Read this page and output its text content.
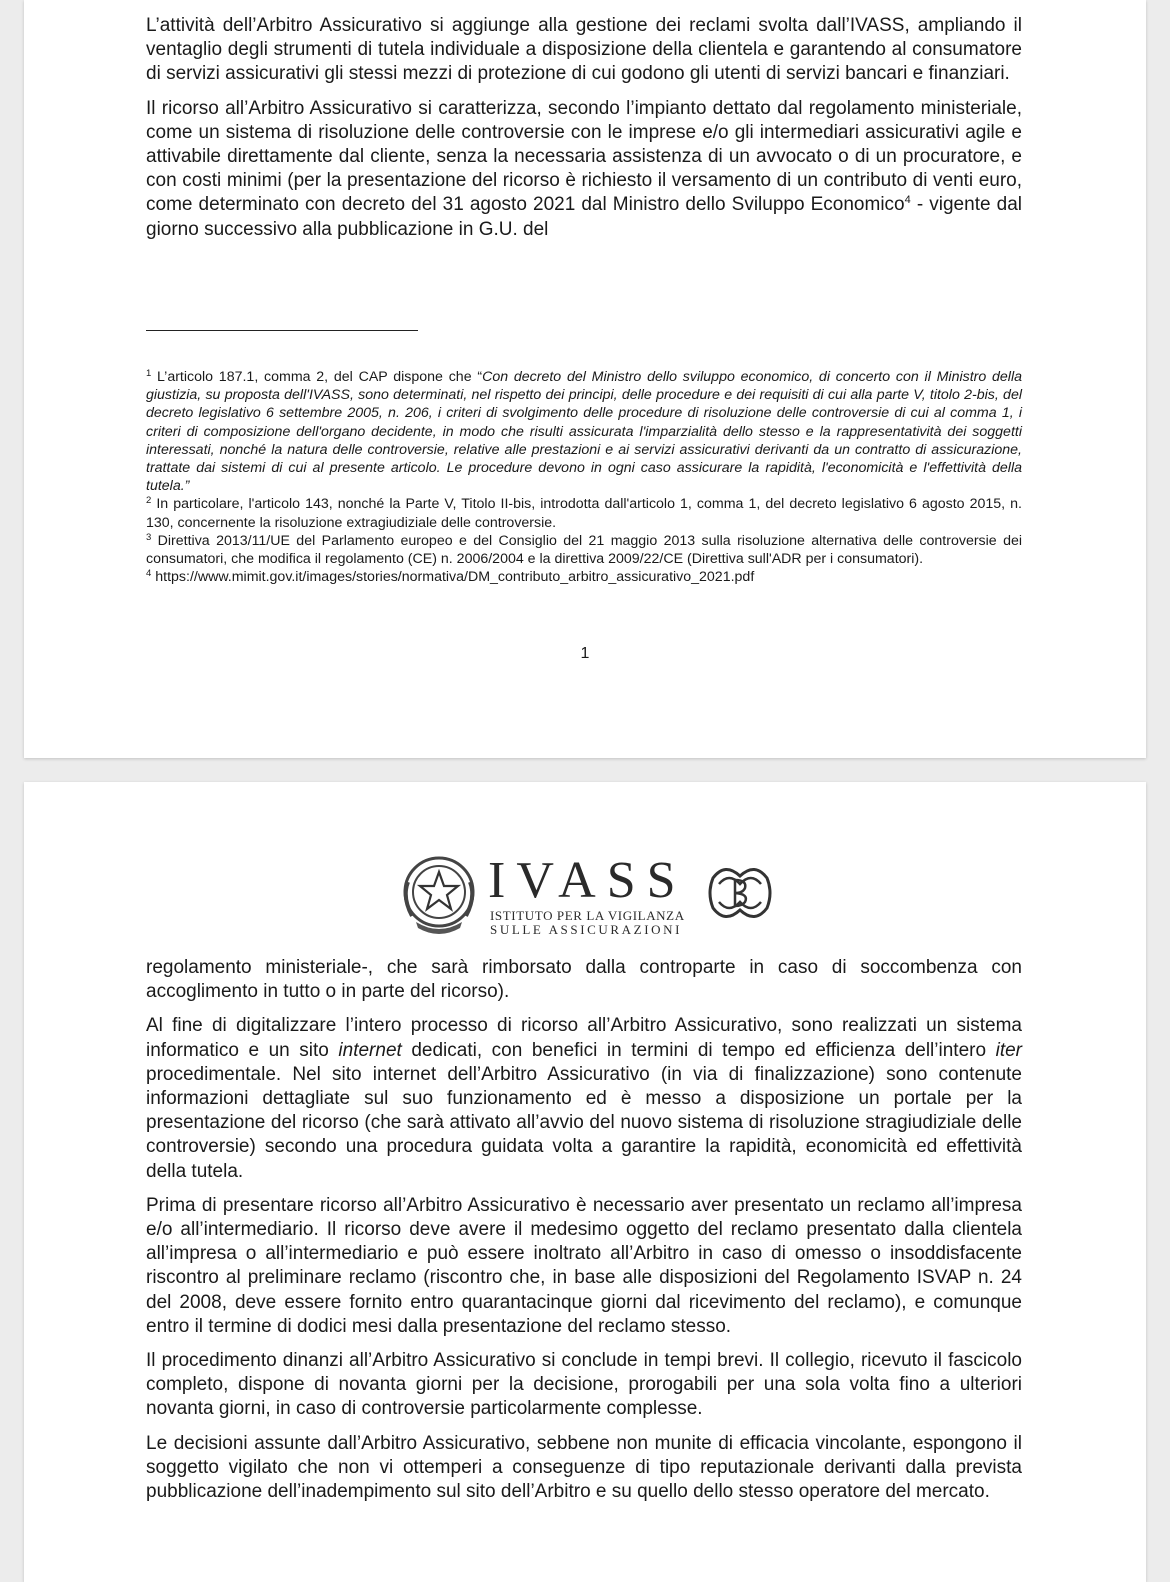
L’attività dell’Arbitro Assicurativo si aggiunge alla gestione dei reclami svolta dall’IVASS, ampliando il ventaglio degli strumenti di tutela individuale a disposizione della clientela e garantendo al consumatore di servizi assicurativi gli stessi mezzi di protezione di cui godono gli utenti di servizi bancari e finanziari.

Il ricorso all’Arbitro Assicurativo si caratterizza, secondo l’impianto dettato dal regolamento ministeriale, come un sistema di risoluzione delle controversie con le imprese e/o gli intermediari assicurativi agile e attivabile direttamente dal cliente, senza la necessaria assistenza di un avvocato o di un procuratore, e con costi minimi (per la presentazione del ricorso è richiesto il versamento di un contributo di venti euro, come determinato con decreto del 31 agosto 2021 dal Ministro dello Sviluppo Economico$^4$ - vigente dal giorno successivo alla pubblicazione in G.U. del

$^1$ L’articolo 187.1, comma 2, del CAP dispone che “Con decreto del Ministro dello sviluppo economico, di concerto con il Ministro della giustizia, su proposta dell'IVASS, sono determinati, nel rispetto dei principi, delle procedure e dei requisiti di cui alla parte V, titolo 2-bis, del decreto legislativo 6 settembre 2005, n. 206, i criteri di svolgimento delle procedure di risoluzione delle controversie di cui al comma 1, i criteri di composizione dell'organo decidente, in modo che risulti assicurata l'imparzialità dello stesso e la rappresentatività dei soggetti interessati, nonché la natura delle controversie, relative alle prestazioni e ai servizi assicurativi derivanti da un contratto di assicurazione, trattate dai sistemi di cui al presente articolo. Le procedure devono in ogni caso assicurare la rapidità, l'economicità e l'effettività della tutela.”

$^2$ In particolare, l'articolo 143, nonché la Parte V, Titolo II-bis, introdotta dall'articolo 1, comma 1, del decreto legislativo 6 agosto 2015, n. 130, concernente la risoluzione extragiudiziale delle controversie.

$^3$ Direttiva 2013/11/UE del Parlamento europeo e del Consiglio del 21 maggio 2013 sulla risoluzione alternativa delle controversie dei consumatori, che modifica il regolamento (CE) n. 2006/2004 e la direttiva 2009/22/CE (Direttiva sull'ADR per i consumatori).

$^4$ https://www.mimit.gov.it/images/stories/normativa/DM_contributo_arbitro_assicurativo_2021.pdf

1
IVASS
ISTITUTO PER LA VIGILANZA
SULLE ASSICURAZIONI

regolamento ministeriale-, che sarà rimborsato dalla controparte in caso di soccombenza con accoglimento in tutto o in parte del ricorso).

Al fine di digitalizzare l’intero processo di ricorso all’Arbitro Assicurativo, sono realizzati un sistema informatico e un sito internet dedicati, con benefici in termini di tempo ed efficienza dell’intero iter procedimentale. Nel sito internet dell’Arbitro Assicurativo (in via di finalizzazione) sono contenute informazioni dettagliate sul suo funzionamento ed è messo a disposizione un portale per la presentazione del ricorso (che sarà attivato all’avvio del nuovo sistema di risoluzione stragiudiziale delle controversie) secondo una procedura guidata volta a garantire la rapidità, economicità ed effettività della tutela.

Prima di presentare ricorso all’Arbitro Assicurativo è necessario aver presentato un reclamo all’impresa e/o all’intermediario. Il ricorso deve avere il medesimo oggetto del reclamo presentato dalla clientela all’impresa o all’intermediario e può essere inoltrato all’Arbitro in caso di omesso o insoddisfacente riscontro al preliminare reclamo (riscontro che, in base alle disposizioni del Regolamento ISVAP n. 24 del 2008, deve essere fornito entro quarantacinque giorni dal ricevimento del reclamo), e comunque entro il termine di dodici mesi dalla presentazione del reclamo stesso.

Il procedimento dinanzi all’Arbitro Assicurativo si conclude in tempi brevi. Il collegio, ricevuto il fascicolo completo, dispone di novanta giorni per la decisione, prorogabili per una sola volta fino a ulteriori novanta giorni, in caso di controversie particolarmente complesse.

Le decisioni assunte dall’Arbitro Assicurativo, sebbene non munite di efficacia vincolante, espongono il soggetto vigilato che non vi ottemperi a conseguenze di tipo reputazionale derivanti dalla prevista pubblicazione dell’inadempimento sul sito dell’Arbitro e su quello dello stesso operatore del mercato.
